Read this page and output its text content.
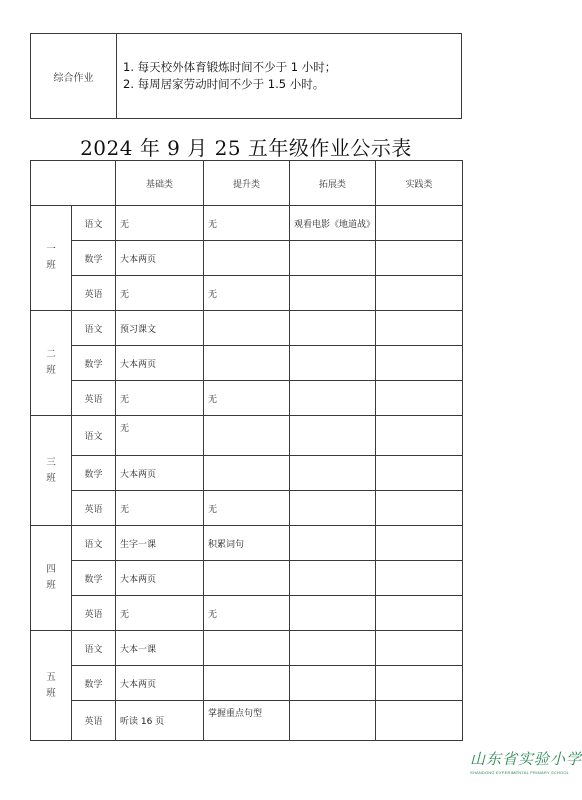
综合作业	
1. 每天校外体育锻炼时间不少于 1 小时；
2. 每周居家劳动时间不少于 1.5 小时。
2024 年 9 月 25 五年级作业公示表
		基础类	提升类	拓展类	实践类

一
班	语文	无	无	观看电影《地道战》	
	数学	大本两页			
	英语	无	无		

二
班	语文	预习课文			
	数学	大本两页			
	英语	无	无		

三
班	语文	无			
	数学	大本两页			
	英语	无	无		

四
班	语文	生字一课	积累词句		
	数学	大本两页			
	英语	无	无		

五
班	语文	大本一课			
	数学	大本两页			
	英语	听读 16 页	掌握重点句型		
山东省实验小学
SHANDONG EXPERIMENTAL PRIMARY SCHOOL
